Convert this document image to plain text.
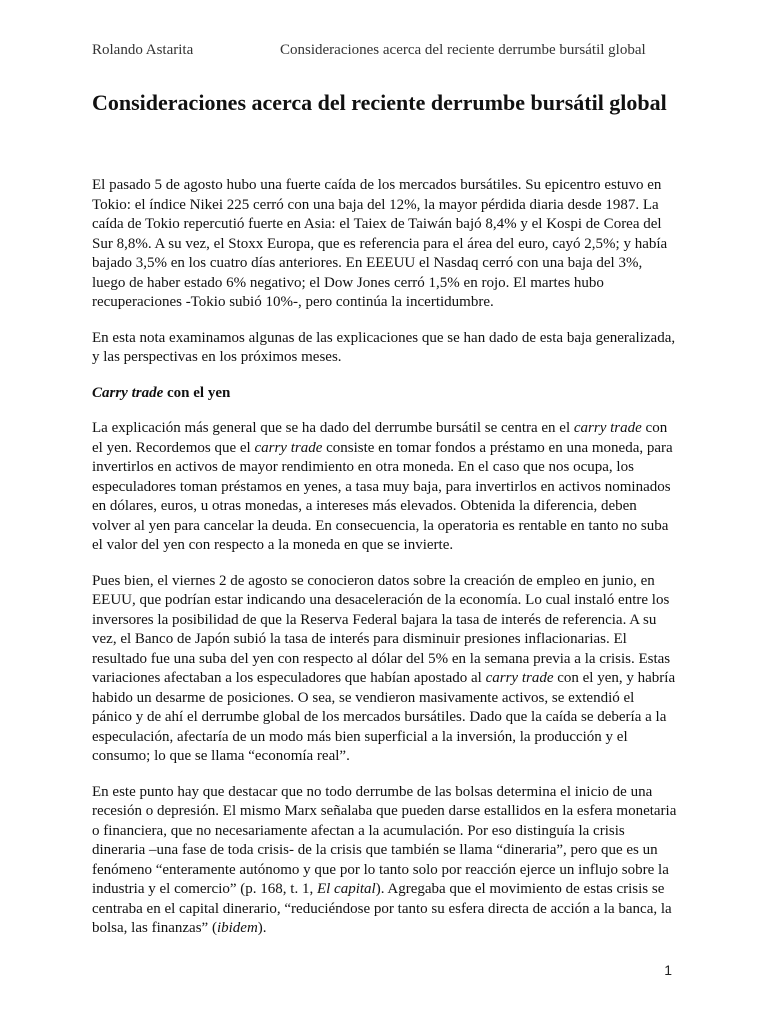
Rolando Astarita	Consideraciones acerca del reciente derrumbe bursátil global
Consideraciones acerca del reciente derrumbe bursátil global

El pasado 5 de agosto hubo una fuerte caída de los mercados bursátiles. Su epicentro estuvo en Tokio: el índice Nikei 225 cerró con una baja del 12%, la mayor pérdida diaria desde 1987. La caída de Tokio repercutió fuerte en Asia: el Taiex de Taiwán bajó 8,4% y el Kospi de Corea del Sur 8,8%. A su vez, el Stoxx Europa, que es referencia para el área del euro, cayó 2,5%; y había bajado 3,5% en los cuatro días anteriores. En EEEUU el Nasdaq cerró con una baja del 3%, luego de haber estado 6% negativo; el Dow Jones cerró 1,5% en rojo. El martes hubo recuperaciones -Tokio subió 10%-, pero continúa la incertidumbre.

En esta nota examinamos algunas de las explicaciones que se han dado de esta baja generalizada, y las perspectivas en los próximos meses.

Carry trade con el yen

La explicación más general que se ha dado del derrumbe bursátil se centra en el carry trade con el yen. Recordemos que el carry trade consiste en tomar fondos a préstamo en una moneda, para invertirlos en activos de mayor rendimiento en otra moneda. En el caso que nos ocupa, los especuladores toman préstamos en yenes, a tasa muy baja, para invertirlos en activos nominados en dólares, euros, u otras monedas, a intereses más elevados. Obtenida la diferencia, deben volver al yen para cancelar la deuda. En consecuencia, la operatoria es rentable en tanto no suba el valor del yen con respecto a la moneda en que se invierte.

Pues bien, el viernes 2 de agosto se conocieron datos sobre la creación de empleo en junio, en EEUU, que podrían estar indicando una desaceleración de la economía. Lo cual instaló entre los inversores la posibilidad de que la Reserva Federal bajara la tasa de interés de referencia. A su vez, el Banco de Japón subió la tasa de interés para disminuir presiones inflacionarias. El resultado fue una suba del yen con respecto al dólar del 5% en la semana previa a la crisis. Estas variaciones afectaban a los especuladores que habían apostado al carry trade con el yen, y habría habido un desarme de posiciones. O sea, se vendieron masivamente activos, se extendió el pánico y de ahí el derrumbe global de los mercados bursátiles. Dado que la caída se debería a la especulación, afectaría de un modo más bien superficial a la inversión, la producción y el consumo; lo que se llama “economía real”.

En este punto hay que destacar que no todo derrumbe de las bolsas determina el inicio de una recesión o depresión. El mismo Marx señalaba que pueden darse estallidos en la esfera monetaria o financiera, que no necesariamente afectan a la acumulación. Por eso distinguía la crisis dineraria –una fase de toda crisis- de la crisis que también se llama “dineraria”, pero que es un fenómeno “enteramente autónomo y que por lo tanto solo por reacción ejerce un influjo sobre la industria y el comercio” (p. 168, t. 1, El capital). Agregaba que el movimiento de estas crisis se centraba en el capital dinerario, “reduciéndose por tanto su esfera directa de acción a la banca, la bolsa, las finanzas” (ibidem).

1
